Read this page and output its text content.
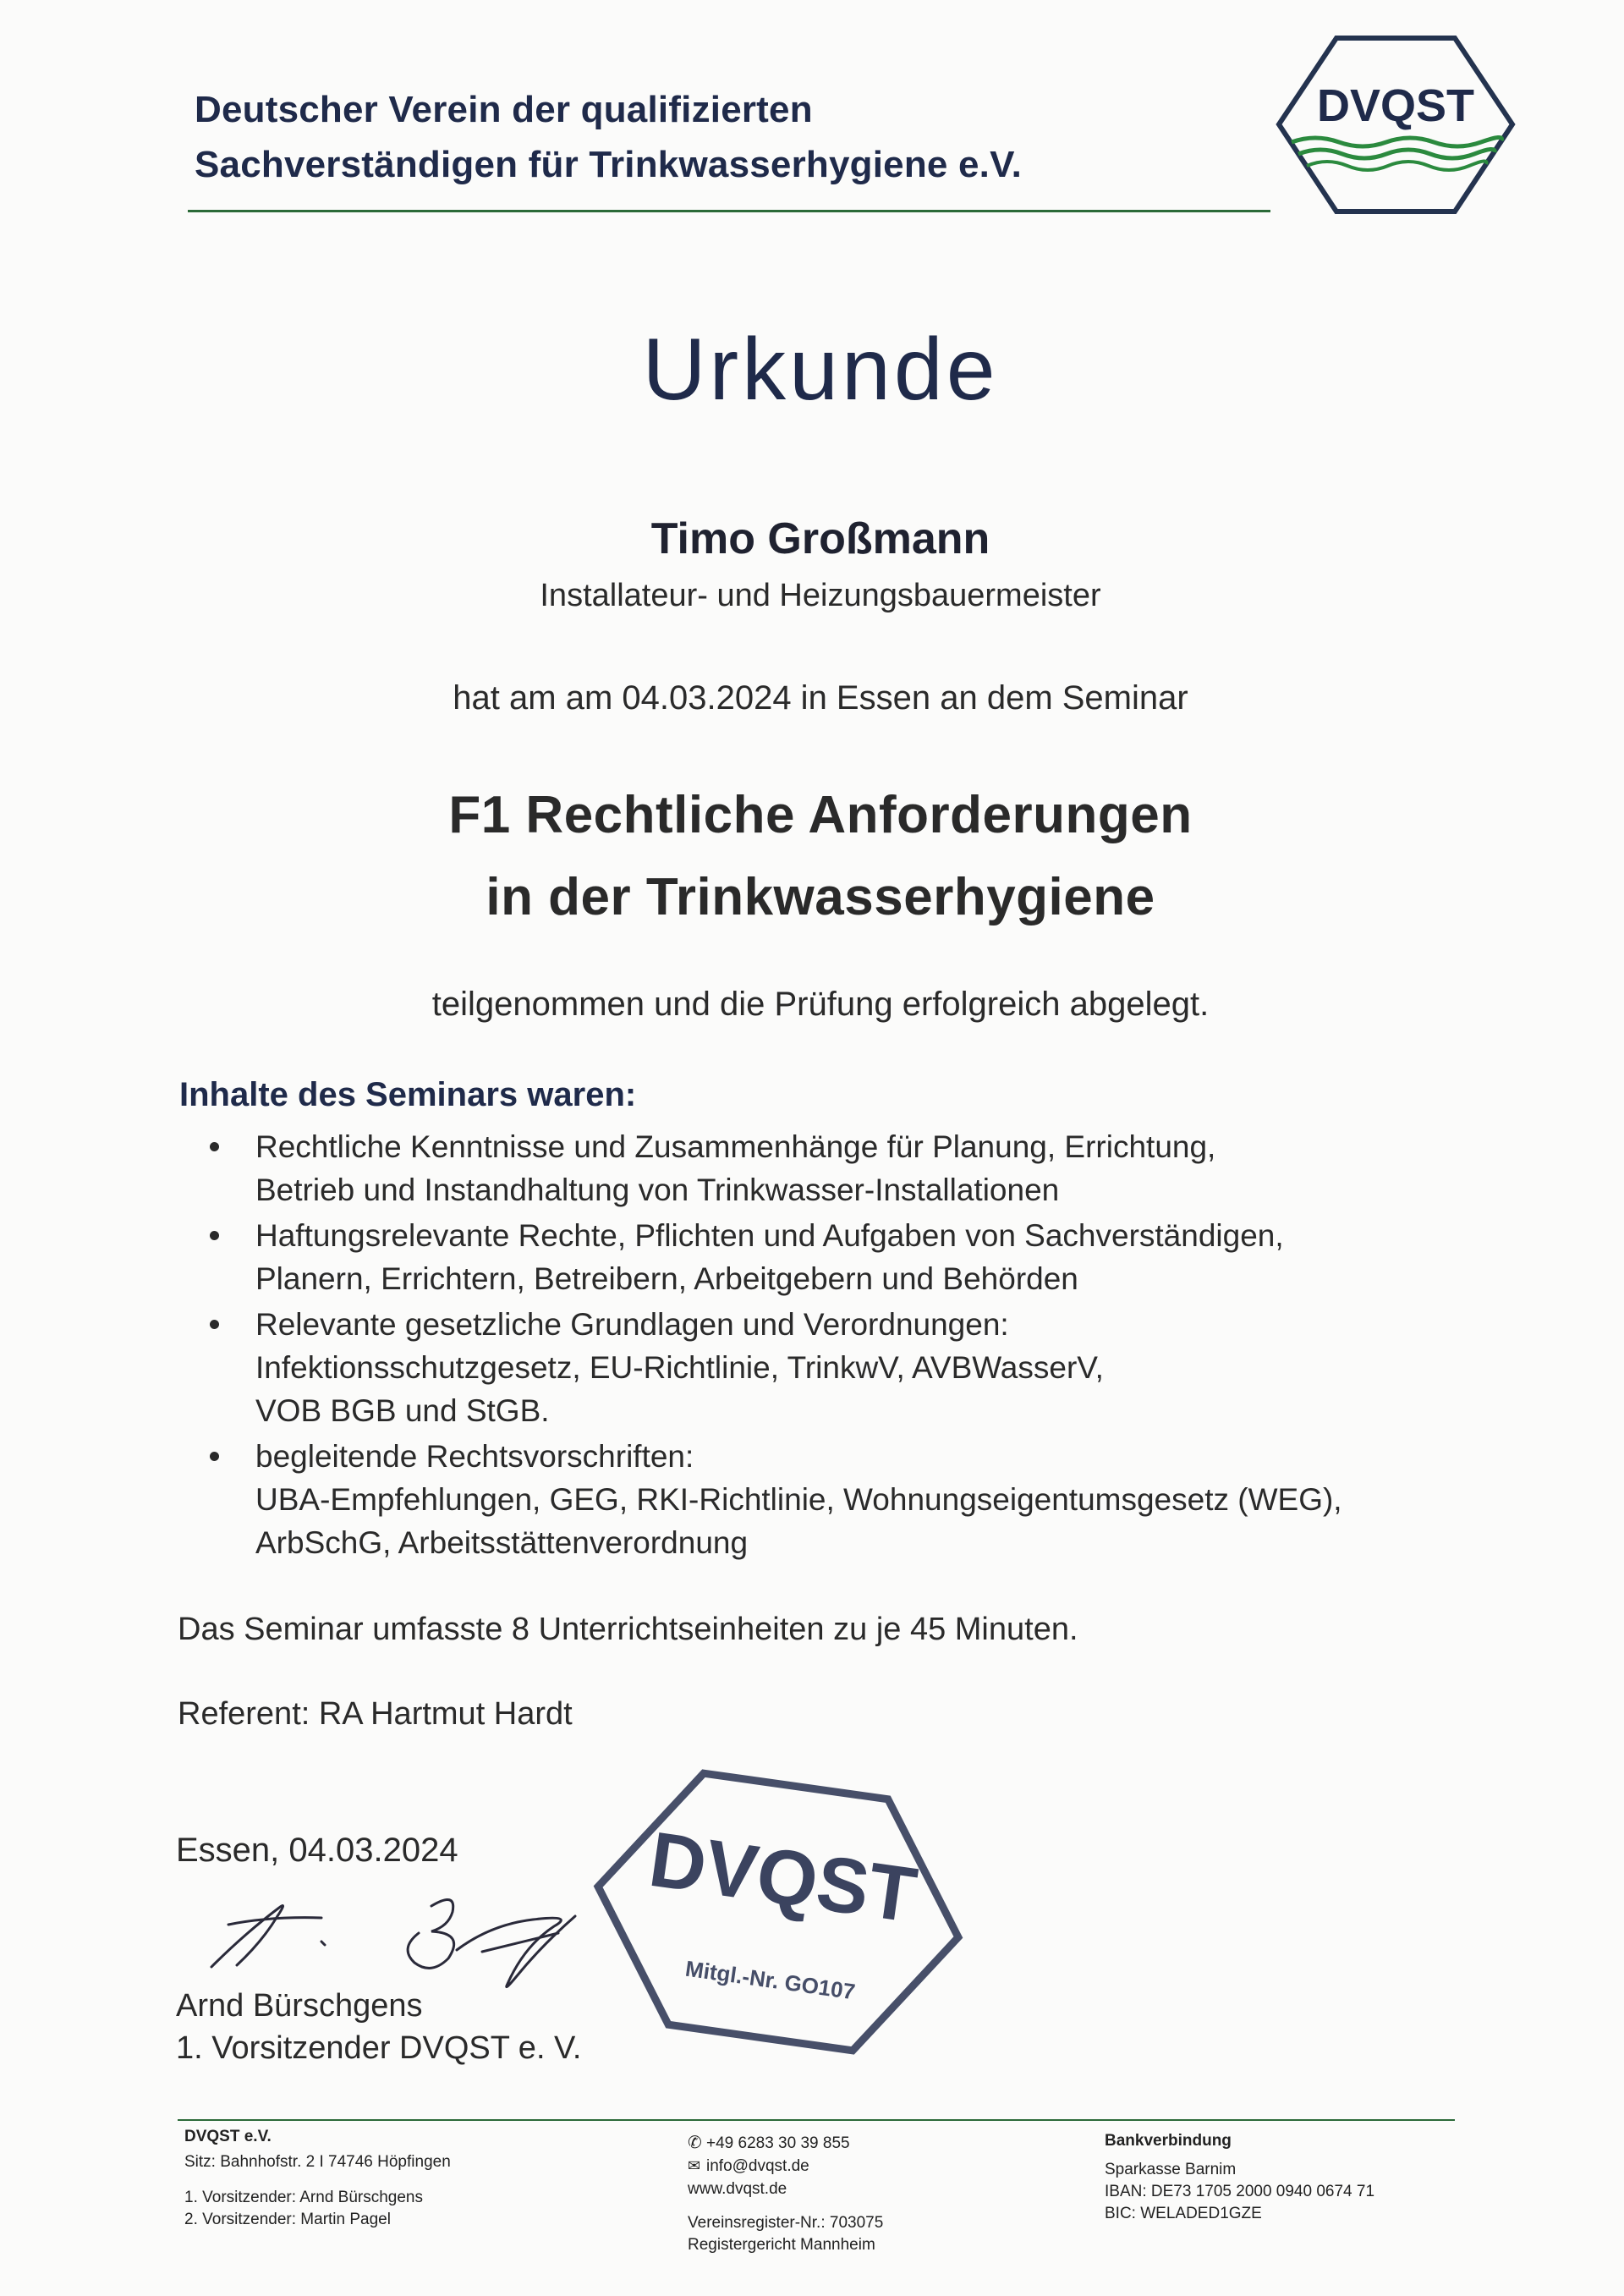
Deutscher Verein der qualifizierten
Sachverständigen für Trinkwasserhygiene e.V.
DVQST
Urkunde
Timo Großmann
Installateur- und Heizungsbauermeister
hat am am 04.03.2024 in Essen an dem Seminar
F1 Rechtliche Anforderungen
in der Trinkwasserhygiene
teilgenommen und die Prüfung erfolgreich abgelegt.
Inhalte des Seminars waren:
Rechtliche Kenntnisse und Zusammenhänge für Planung, Errichtung,
Betrieb und Instandhaltung von Trinkwasser-Installationen
Haftungsrelevante Rechte, Pflichten und Aufgaben von Sachverständigen,
Planern, Errichtern, Betreibern, Arbeitgebern und Behörden
Relevante gesetzliche Grundlagen und Verordnungen:
Infektionsschutzgesetz, EU-Richtlinie, TrinkwV, AVBWasserV,
VOB BGB und StGB.
begleitende Rechtsvorschriften:
UBA-Empfehlungen, GEG, RKI-Richtlinie, Wohnungseigentumsgesetz (WEG),
ArbSchG, Arbeitsstättenverordnung
Das Seminar umfasste 8 Unterrichtseinheiten zu je 45 Minuten.
Referent: RA Hartmut Hardt
Essen, 04.03.2024
Arnd Bürschgens
1. Vorsitzender DVQST e. V.
DVQST
Mitgl.-Nr. GO107
DVQST e.V.
Sitz: Bahnhofstr. 2 I 74746 Höpfingen
1. Vorsitzender: Arnd Bürschgens
2. Vorsitzender: Martin Pagel
✆ +49 6283 30 39 855
✉ info@dvqst.de
www.dvqst.de
Vereinsregister-Nr.: 703075
Registergericht Mannheim
Bankverbindung
Sparkasse Barnim
IBAN: DE73 1705 2000 0940 0674 71
BIC: WELADED1GZE
